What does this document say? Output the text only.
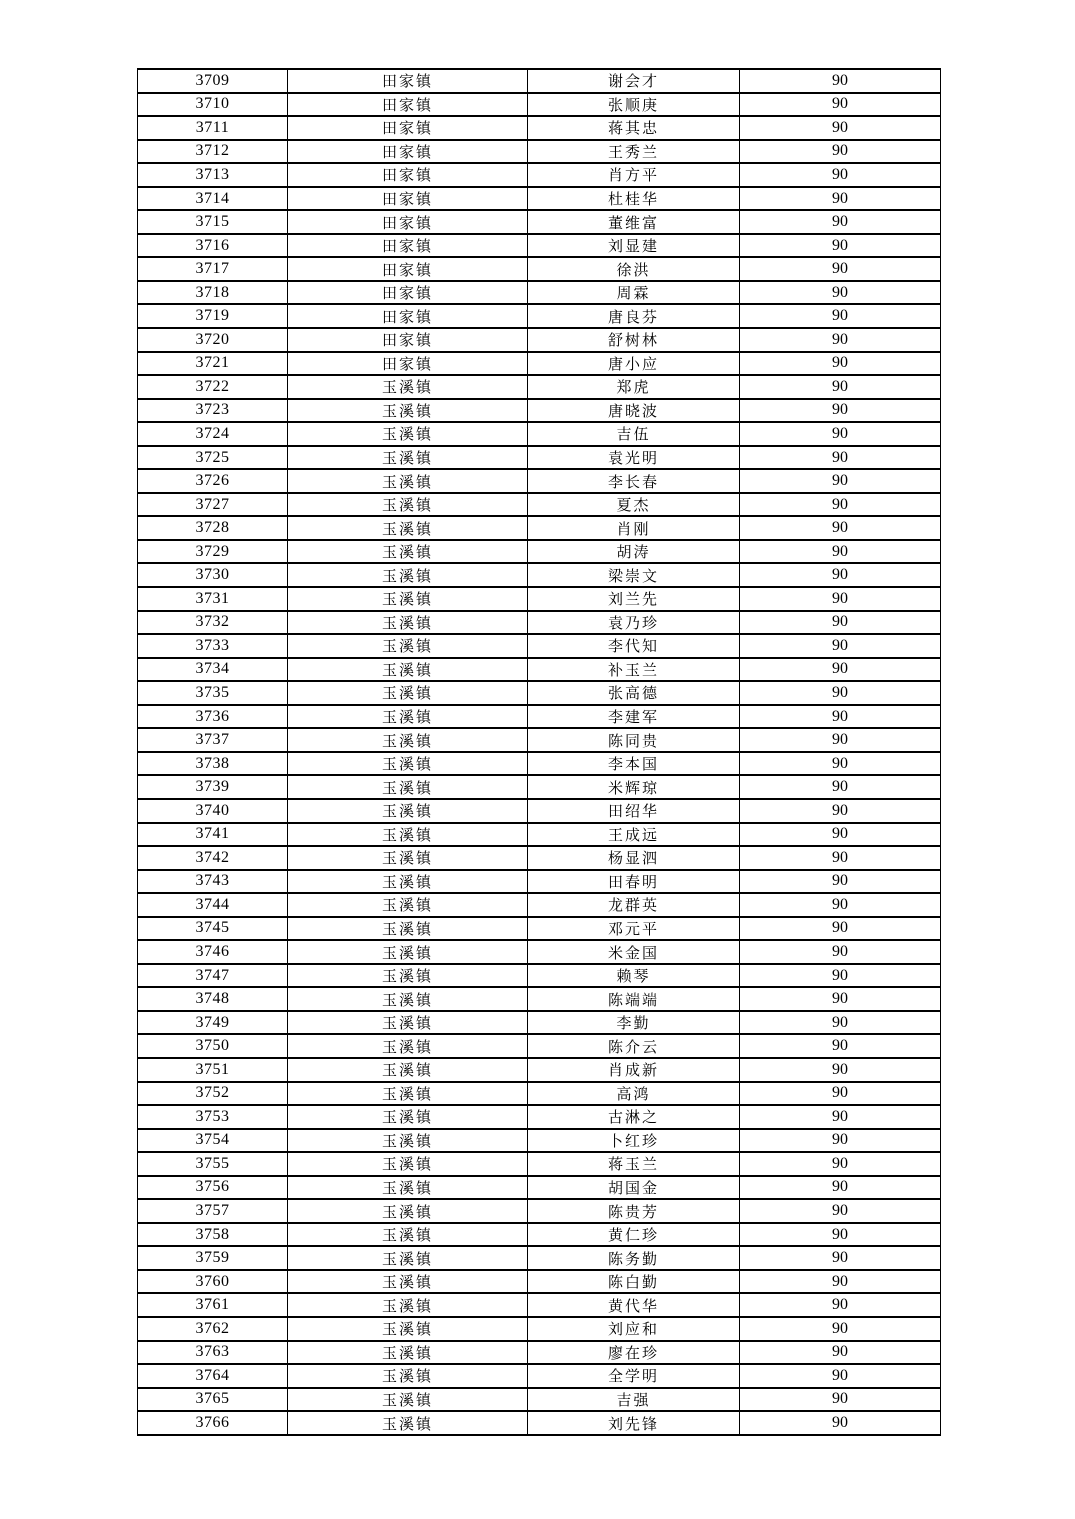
3709	田家镇	谢会才	90
3710	田家镇	张顺庚	90
3711	田家镇	蒋其忠	90
3712	田家镇	王秀兰	90
3713	田家镇	肖方平	90
3714	田家镇	杜桂华	90
3715	田家镇	董维富	90
3716	田家镇	刘显建	90
3717	田家镇	徐洪	90
3718	田家镇	周霖	90
3719	田家镇	唐良芬	90
3720	田家镇	舒树林	90
3721	田家镇	唐小应	90
3722	玉溪镇	郑虎	90
3723	玉溪镇	唐晓波	90
3724	玉溪镇	吉伍	90
3725	玉溪镇	袁光明	90
3726	玉溪镇	李长春	90
3727	玉溪镇	夏杰	90
3728	玉溪镇	肖刚	90
3729	玉溪镇	胡涛	90
3730	玉溪镇	梁崇文	90
3731	玉溪镇	刘兰先	90
3732	玉溪镇	袁乃珍	90
3733	玉溪镇	李代知	90
3734	玉溪镇	补玉兰	90
3735	玉溪镇	张高德	90
3736	玉溪镇	李建军	90
3737	玉溪镇	陈同贵	90
3738	玉溪镇	李本国	90
3739	玉溪镇	米辉琼	90
3740	玉溪镇	田绍华	90
3741	玉溪镇	王成远	90
3742	玉溪镇	杨显泗	90
3743	玉溪镇	田春明	90
3744	玉溪镇	龙群英	90
3745	玉溪镇	邓元平	90
3746	玉溪镇	米金国	90
3747	玉溪镇	赖琴	90
3748	玉溪镇	陈端端	90
3749	玉溪镇	李勤	90
3750	玉溪镇	陈介云	90
3751	玉溪镇	肖成新	90
3752	玉溪镇	高鸿	90
3753	玉溪镇	古淋之	90
3754	玉溪镇	卜红珍	90
3755	玉溪镇	蒋玉兰	90
3756	玉溪镇	胡国金	90
3757	玉溪镇	陈贵芳	90
3758	玉溪镇	黄仁珍	90
3759	玉溪镇	陈务勤	90
3760	玉溪镇	陈白勤	90
3761	玉溪镇	黄代华	90
3762	玉溪镇	刘应和	90
3763	玉溪镇	廖在珍	90
3764	玉溪镇	全学明	90
3765	玉溪镇	吉强	90
3766	玉溪镇	刘先锋	90
